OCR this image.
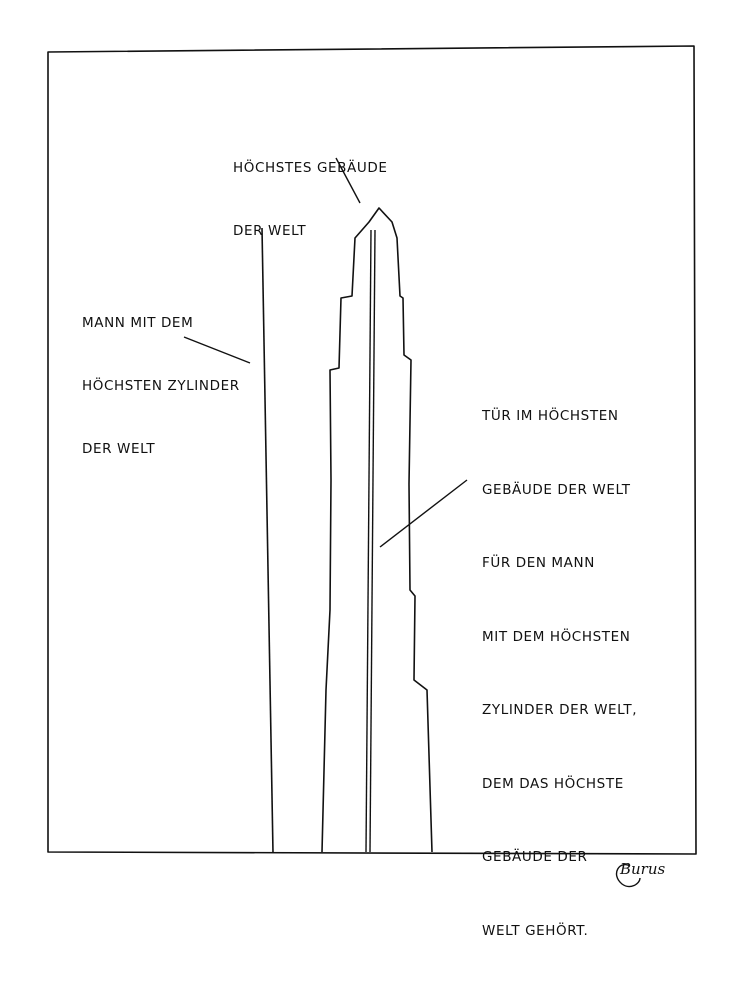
HÖCHSTES GEBÄUDE

DER WELT

MANN MIT DEM

HÖCHSTEN ZYLINDER

DER WELT

TÜR IM HÖCHSTEN

GEBÄUDE DER WELT

FÜR DEN MANN

MIT DEM HÖCHSTEN

ZYLINDER DER WELT,

DEM DAS HÖCHSTE

GEBÄUDE DER

WELT GEHÖRT.

Burus
